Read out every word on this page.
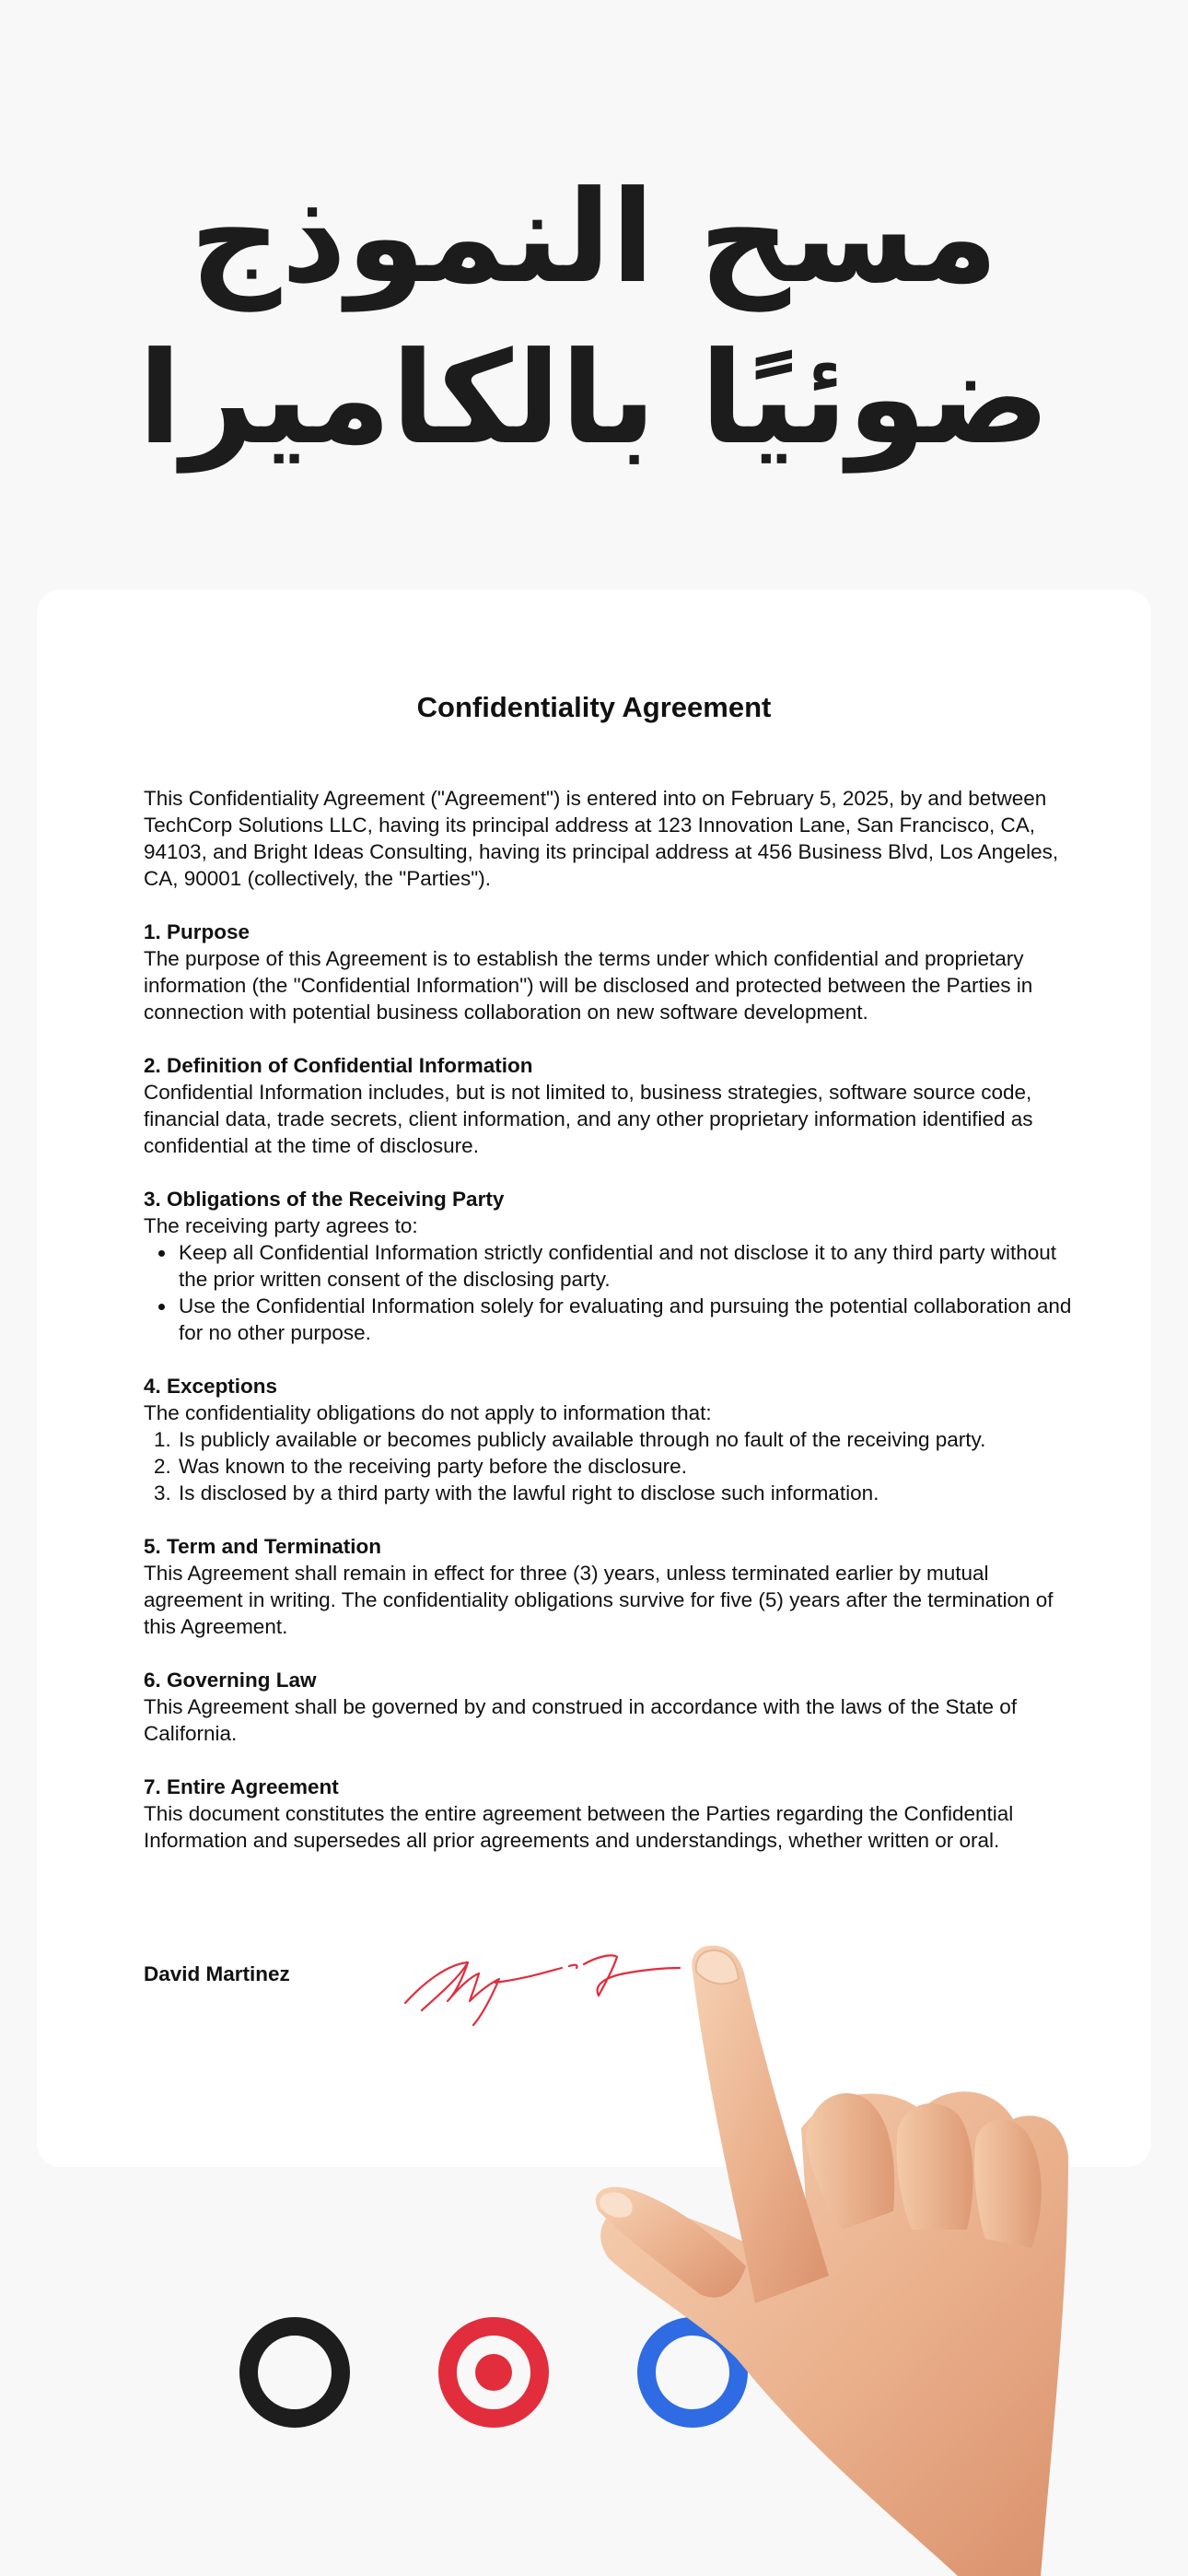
مسح النموذج
ضوئيًا بالكاميرا
Confidentiality Agreement

This Confidentiality Agreement ("Agreement") is entered into on February 5, 2025, by and between TechCorp Solutions LLC, having its principal address at 123 Innovation Lane, San Francisco, CA, 94103, and Bright Ideas Consulting, having its principal address at 456 Business Blvd, Los Angeles, CA, 90001 (collectively, the "Parties").

1. Purpose

The purpose of this Agreement is to establish the terms under which confidential and proprietary information (the "Confidential Information") will be disclosed and protected between the Parties in connection with potential business collaboration on new software development.

2. Definition of Confidential Information

Confidential Information includes, but is not limited to, business strategies, software source code, financial data, trade secrets, client information, and any other proprietary information identified as confidential at the time of disclosure.

3. Obligations of the Receiving Party

The receiving party agrees to:

• Keep all Confidential Information strictly confidential and not disclose it to any third party without the prior written consent of the disclosing party.
• Use the Confidential Information solely for evaluating and pursuing the potential collaboration and for no other purpose.
4. Exceptions

The confidentiality obligations do not apply to information that:

1. Is publicly available or becomes publicly available through no fault of the receiving party.
2. Was known to the receiving party before the disclosure.
3. Is disclosed by a third party with the lawful right to disclose such information.
5. Term and Termination

This Agreement shall remain in effect for three (3) years, unless terminated earlier by mutual agreement in writing. The confidentiality obligations survive for five (5) years after the termination of this Agreement.

6. Governing Law

This Agreement shall be governed by and construed in accordance with the laws of the State of California.

7. Entire Agreement

This document constitutes the entire agreement between the Parties regarding the Confidential Information and supersedes all prior agreements and understandings, whether written or oral.

David Martinez
